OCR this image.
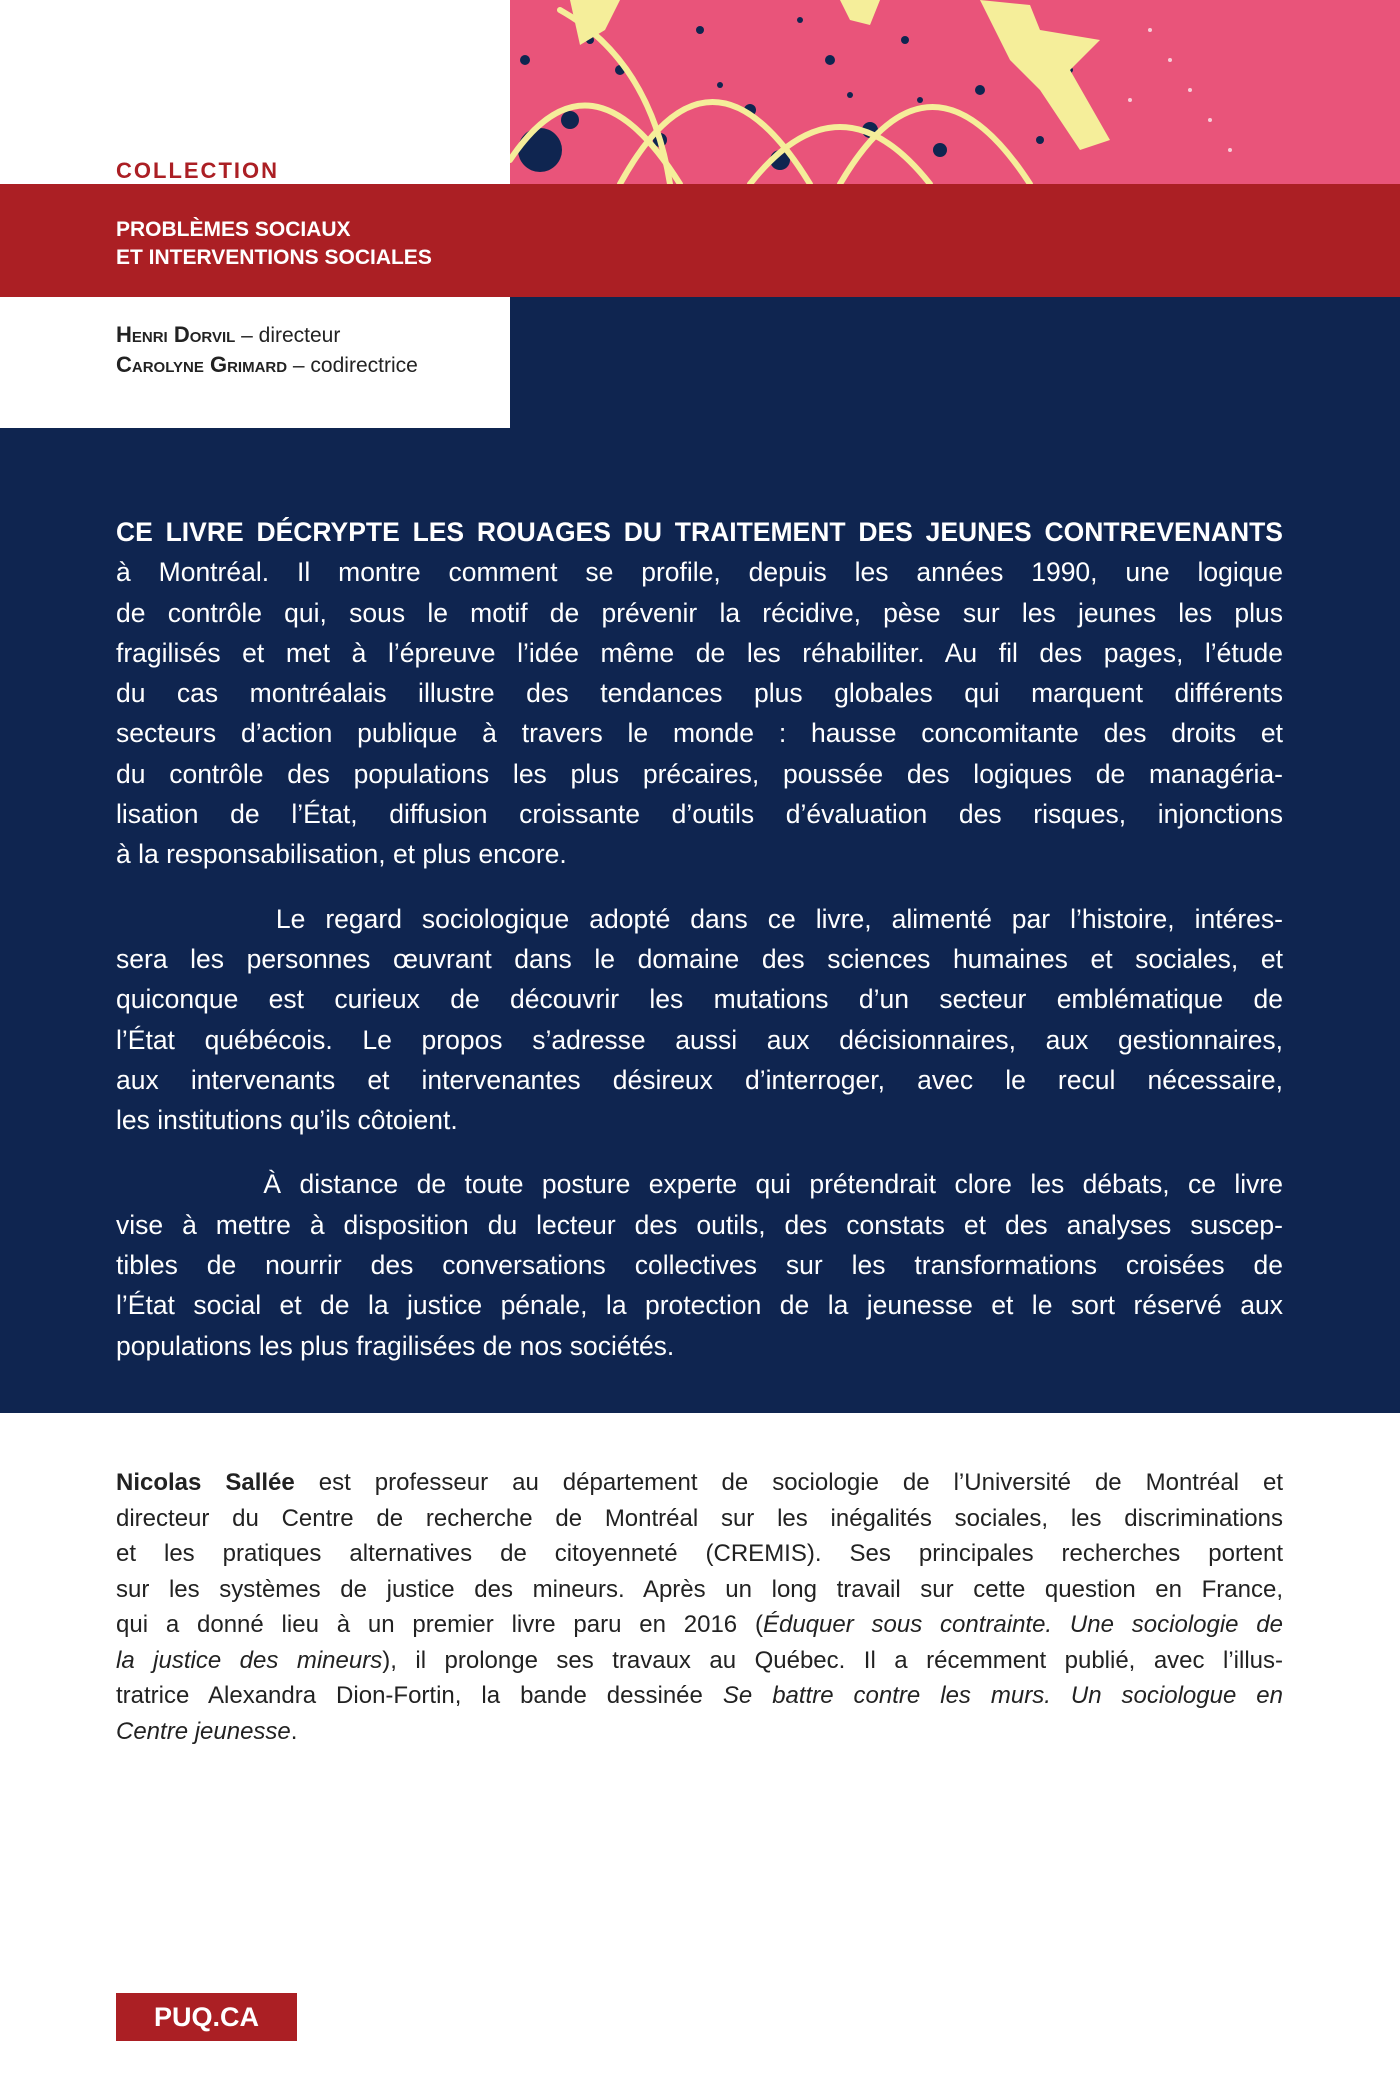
COLLECTION
PROBLÈMES SOCIAUX
ET INTERVENTIONS SOCIALES
Henri Dorvil – directeur
Carolyne Grimard – codirectrice
CE LIVRE DÉCRYPTE LES ROUAGES DU TRAITEMENT DES JEUNES CONTREVENANTS
à Montréal. Il montre comment se profile, depuis les années 1990, une logique
de contrôle qui, sous le motif de prévenir la récidive, pèse sur les jeunes les plus
fragilisés et met à l’épreuve l’idée même de les réhabiliter. Au fil des pages, l’étude
du cas montréalais illustre des tendances plus globales qui marquent différents
secteurs d’action publique à travers le monde : hausse concomitante des droits et
du contrôle des populations les plus précaires, poussée des logiques de managéria-
lisation de l’État, diffusion croissante d’outils d’évaluation des risques, injonctions
à la responsabilisation, et plus encore.
Le regard sociologique adopté dans ce livre, alimenté par l’histoire, intéres-
sera les personnes œuvrant dans le domaine des sciences humaines et sociales, et
quiconque est curieux de découvrir les mutations d’un secteur emblématique de
l’État québécois. Le propos s’adresse aussi aux décisionnaires, aux gestionnaires,
aux intervenants et intervenantes désireux d’interroger, avec le recul nécessaire,
les institutions qu’ils côtoient.
À distance de toute posture experte qui prétendrait clore les débats, ce livre
vise à mettre à disposition du lecteur des outils, des constats et des analyses suscep-
tibles de nourrir des conversations collectives sur les transformations croisées de
l’État social et de la justice pénale, la protection de la jeunesse et le sort réservé aux
populations les plus fragilisées de nos sociétés.
Nicolas Sallée est professeur au département de sociologie de l’Université de Montréal et
directeur du Centre de recherche de Montréal sur les inégalités sociales, les discriminations
et les pratiques alternatives de citoyenneté (CREMIS). Ses principales recherches portent
sur les systèmes de justice des mineurs. Après un long travail sur cette question en France,
qui a donné lieu à un premier livre paru en 2016 (Éduquer sous contrainte. Une sociologie de
la justice des mineurs), il prolonge ses travaux au Québec. Il a récemment publié, avec l’illus-
tratrice Alexandra Dion-Fortin, la bande dessinée Se battre contre les murs. Un sociologue en
Centre jeunesse.
PUQ.CA
